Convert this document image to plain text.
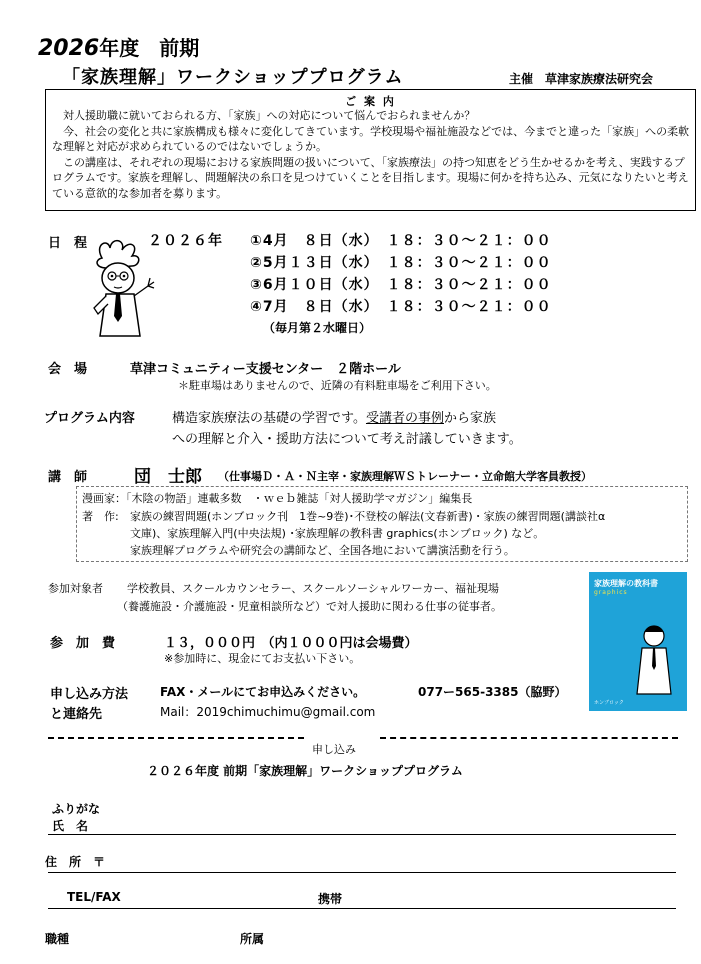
2026年度　 前期
「家族理解」ワークショッププログラム	主催　草津家族療法研究会
ご 案 内

　対人援助職に就いておられる方、「家族」への対応について悩んでおられませんか？

　今、社会の変化と共に家族構成も様々に変化してきています。学校現場や福祉施設などでは、今までと違った「家族」への柔軟な理解と対応が求められているのではないでしょうか。

　この講座は、それぞれの現場における家族問題の扱いについて、「家族療法」の持つ知恵をどう生かせるかを考え、実践するプログラムです。家族を理解し、問題解決の糸口を見つけていくことを目指します。現場に何かを持ち込み、元気になりたいと考えている意欲的な参加者を募ります。

日　程	２０２６年 ①4月　８日（水）　１８：３０～２１：００
②5月１３日（水）　１８：３０～２１：００
③6月１０日（水）　１８：３０～２１：００
④7月　８日（水）　１８：３０～２１：００
（毎月第２水曜日）
会　場	草津コミュニティー支援センター　２階ホール
＊駐車場はありませんので、近隣の有料駐車場をご利用下さい。
プログラム内容	構造家族療法の基礎の学習です。受講者の事例から家族
への理解と介入・援助方法について考え討議していきます。
講　師	団　士郎 （仕事場Ｄ・Ａ・Ｎ主宰・家族理解ＷＳトレーナー・立命館大学客員教授）
漫画家：「木陰の物語」連載多数　・ｗｅｂ雑誌「対人援助学マガジン」編集長
著　作: 家族の練習問題(ホンブロック刊　1巻~9巻)･不登校の解法(文春新書)・家族の練習問題(講談社α
文庫)、家族理解入門(中央法規) ･家族理解の教科書 graphics(ホンブロック) など。
家族理解プログラムや研究会の講師など、全国各地において講演活動を行う。
参加対象者 学校教員、スクールカウンセラー、スクールソーシャルワーカー、福祉現場
（養護施設・介護施設・児童相談所など）で対人援助に関わる仕事の従事者。
家族理解の教科書
graphics
ホンブロック
参　加　費	１３，０００円　（内１０００円は会場費）
※参加時に、現金にてお支払い下さい。
申し込み方法
と連絡先
FAX・メールにてお申込みください。	077ー565-3385（脇野）
Mail：2019chimuchimu@gmail.com
申し込み
２０２６年度 前期「家族理解」ワークショッププログラム
ふりがな
氏　名
住　所　〒
TEL/FAX	携帯
職種	所属
